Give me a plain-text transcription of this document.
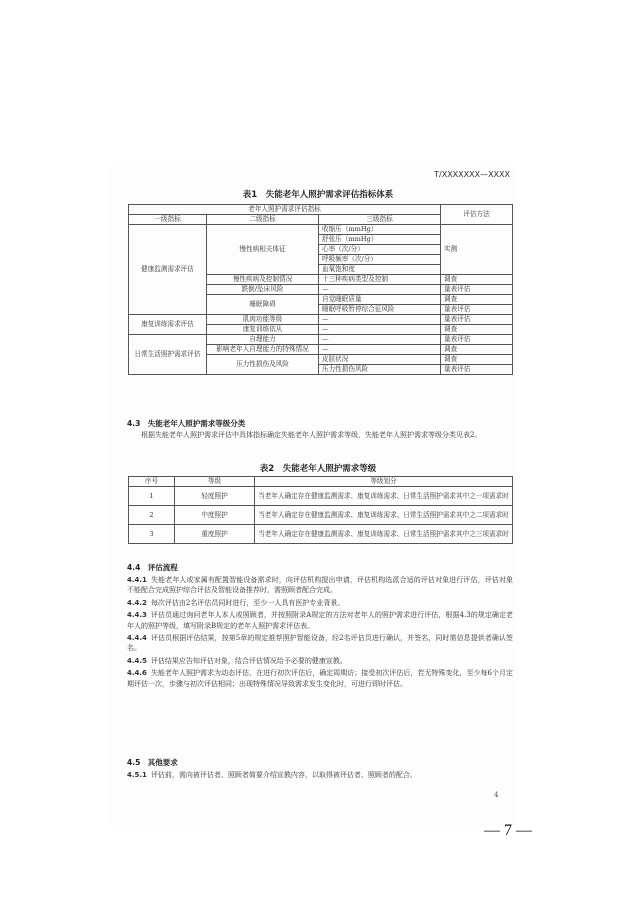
T/XXXXXXX—XXXX
表1　失能老年人照护需求评估指标体系
老年人照护需求评估指标			评估方法
一级指标	二级指标	三级指标	
健康监测需求评估	慢性病相关体征	收缩压（mmHg）	实测
		舒张压（mmHg）	
		心率（次/分）	
		呼吸频率（次/分）	
		血氧饱和度	
	慢性疾病及控制情况	十三种疾病类型及控制	调查
	跌倒/坠床风险	—	量表评估
	睡眠障碍	自觉睡眠质量	调查
		睡眠呼吸暂停综合征风险	量表评估
康复训练需求评估	肌肉功能等级	—	量表评估
	康复训练依从	—	调查
日常生活照护需求评估	自理能力	—	量表评估
	影响老年人自理能力的特殊情况	—	调查
	压力性损伤及风险	皮肤状况	调查
		压力性损伤风险	量表评估
4.3　失能老年人照护需求等级分类
根据失能老年人照护需求评估中具体指标确定失能老年人照护需求等级，失能老年人照护需求等级分类见表2。
表2　失能老年人照护需求等级
序号	等级	等级划分
1	轻度照护	当老年人确定存在健康监测需求、康复训练需求、日常生活照护需求其中之一项需求时
2	中度照护	当老年人确定存在健康监测需求、康复训练需求、日常生活照护需求其中之二项需求时
3	重度照护	当老年人确定存在健康监测需求、康复训练需求、日常生活照护需求其中之三项需求时
4.4　评估流程
4.4.1 失能老年人或家属有配置智能设备需求时，向评估机构提出申请，评估机构选派合适的评估对象进行评估，评估对象不能配合完成照护综合评估及智能设备推荐时，需照顾者配合完成。
4.4.2 每次评估由2名评估员同时进行，至少一人具有医护专业背景。
4.4.3 评估员通过询问老年人本人或照顾者，并按照附录A规定的方法对老年人的照护需求进行评估，根据4.3的规定确定老年人的照护等级，填写附录B规定的老年人照护需求评估表。
4.4.4 评估员根据评估结果，按第5章的规定推荐照护智能设备，经2名评估员进行确认，并签名，同时需信息提供者确认签名。
4.4.5 评估结果应告知评估对象，结合评估情况给予必要的健康宣教。
4.4.6 失能老年人照护需求为动态评估，在进行初次评估后，确定周期访；接受初次评估后，若无特殊变化，至少每6个月定期评估一次，步骤与初次评估相同；出现特殊情况导致需求发生变化时，可进行即时评估。
4.5　其他要求
4.5.1 评估前，需向被评估者、照顾者简要介绍宣教内容，以取得被评估者、照顾者的配合。
4
— 7 —
